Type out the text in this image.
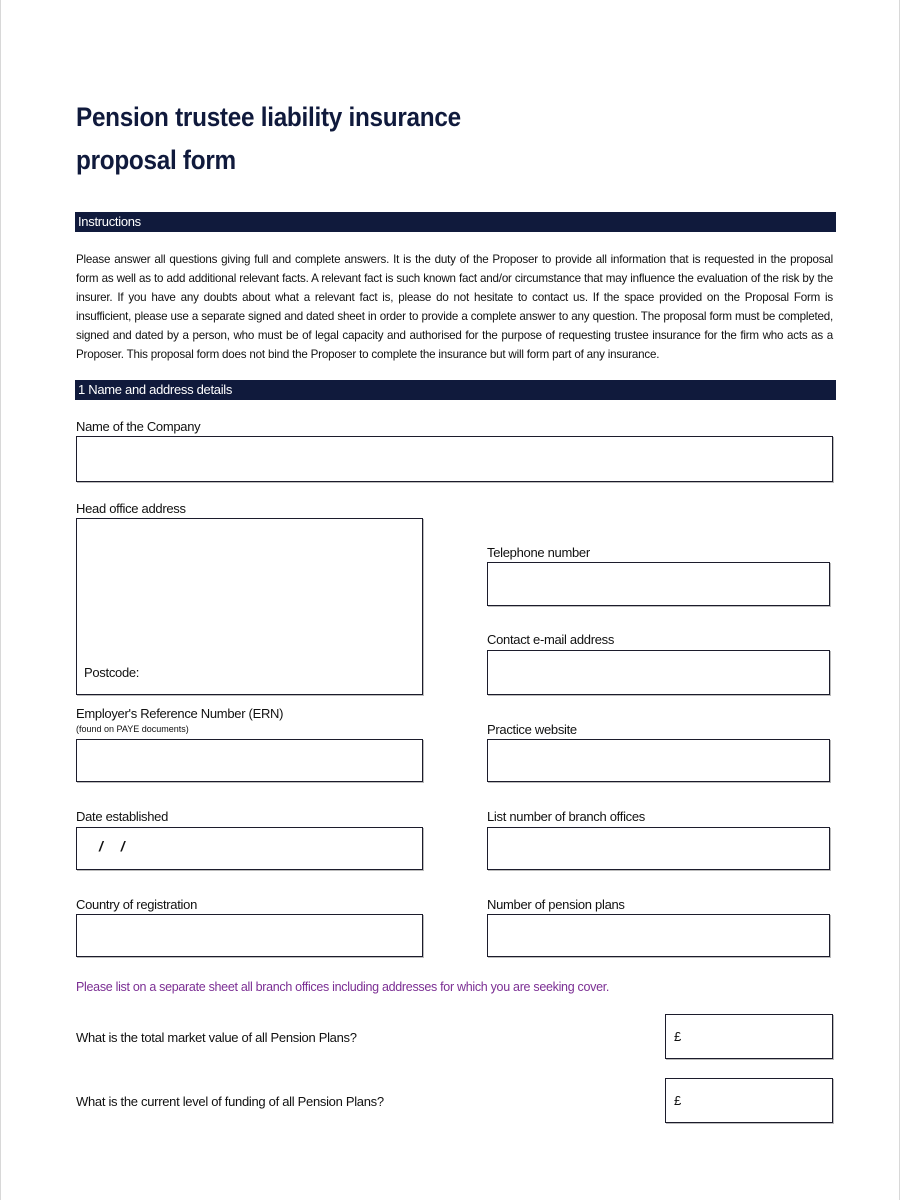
Pension trustee liability insurance
proposal form
Instructions
Please answer all questions giving full and complete answers. It is the duty of the Proposer to provide all information that is requested in the proposal form as well as to add additional relevant facts. A relevant fact is such known fact and/or circumstance that may influence the evaluation of the risk by the insurer. If you have any doubts about what a relevant fact is, please do not hesitate to contact us. If the space provided on the Proposal Form is insufficient, please use a separate signed and dated sheet in order to provide a complete answer to any question. The proposal form must be completed, signed and dated by a person, who must be of legal capacity and authorised for the purpose of requesting trustee insurance for the firm who acts as a Proposer. This proposal form does not bind the Proposer to complete the insurance but will form part of any insurance.
1 Name and address details
Name of the Company
Head office address
Postcode:
Telephone number
Contact e-mail address
Employer's Reference Number (ERN)
(found on PAYE documents)	Practice website
Date established
/ /
List number of branch offices
Country of registration	Number of pension plans
Please list on a separate sheet all branch offices including addresses for which you are seeking cover.
What is the total market value of all Pension Plans?	£
What is the current level of funding of all Pension Plans?	£
